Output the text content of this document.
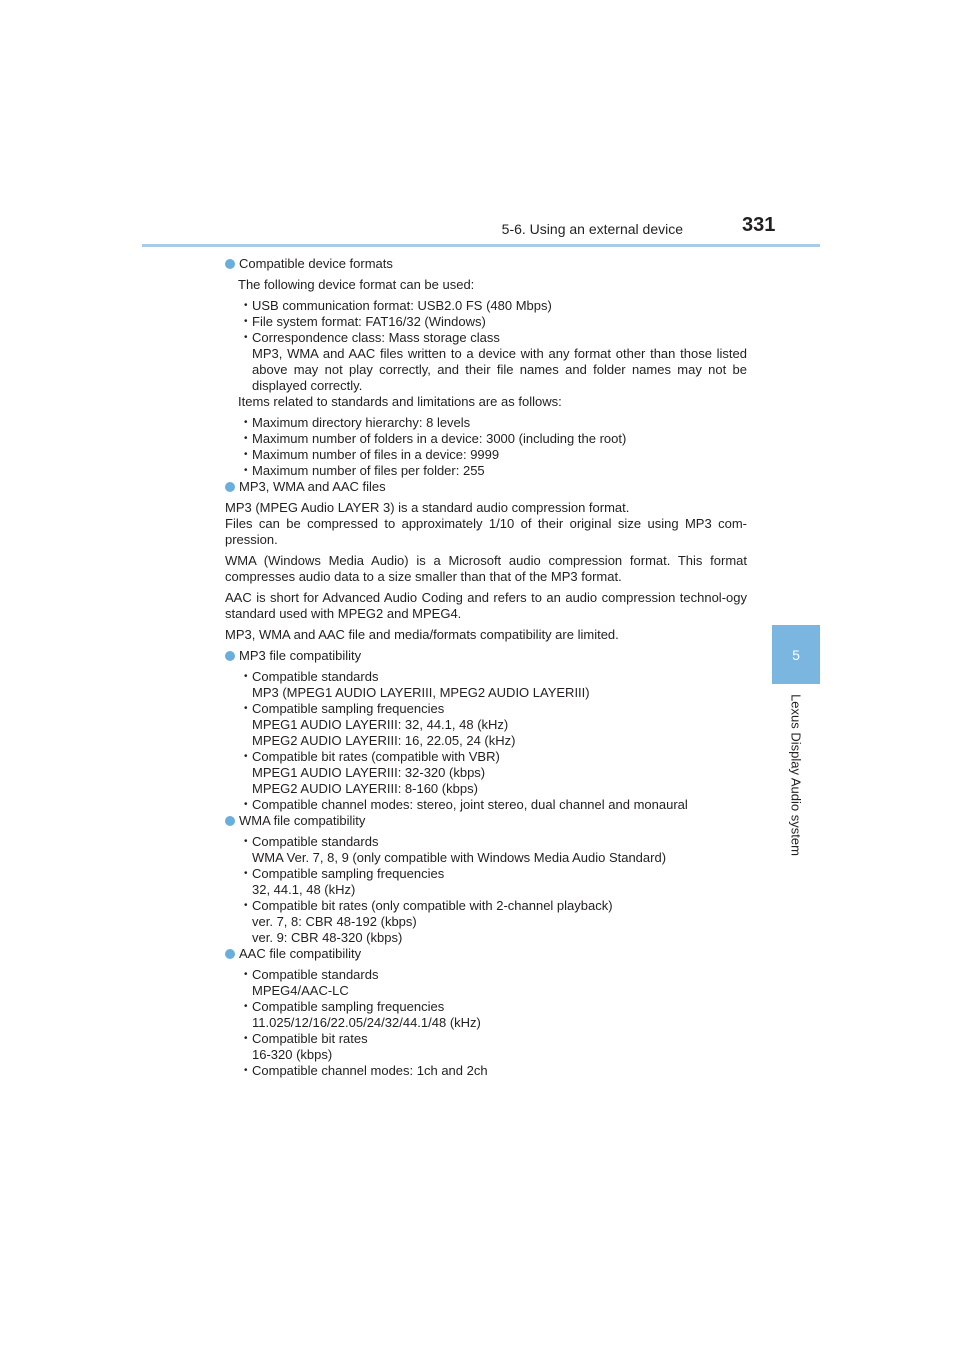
5-6. Using an external device	331
5
Lexus Display Audio system
Compatible device formats
The following device format can be used:
• USB communication format: USB2.0 FS (480 Mbps)
• File system format: FAT16/32 (Windows)
• Correspondence class: Mass storage class
MP3, WMA and AAC files written to a device with any format other than those listed above may not play correctly, and their file names and folder names may not be displayed correctly.
Items related to standards and limitations are as follows:
• Maximum directory hierarchy: 8 levels
• Maximum number of folders in a device: 3000 (including the root)
• Maximum number of files in a device: 9999
• Maximum number of files per folder: 255
MP3, WMA and AAC files
MP3 (MPEG Audio LAYER 3) is a standard audio compression format.
Files can be compressed to approximately 1/10 of their original size using MP3 com-pression.
WMA (Windows Media Audio) is a Microsoft audio compression format. This format compresses audio data to a size smaller than that of the MP3 format.
AAC is short for Advanced Audio Coding and refers to an audio compression technol-ogy standard used with MPEG2 and MPEG4.
MP3, WMA and AAC file and media/formats compatibility are limited.
MP3 file compatibility
• Compatible standards
MP3 (MPEG1 AUDIO LAYERIII, MPEG2 AUDIO LAYERIII)
• Compatible sampling frequencies
MPEG1 AUDIO LAYERIII: 32, 44.1, 48 (kHz)
MPEG2 AUDIO LAYERIII: 16, 22.05, 24 (kHz)
• Compatible bit rates (compatible with VBR)
MPEG1 AUDIO LAYERIII: 32-320 (kbps)
MPEG2 AUDIO LAYERIII: 8-160 (kbps)
• Compatible channel modes: stereo, joint stereo, dual channel and monaural
WMA file compatibility
• Compatible standards
WMA Ver. 7, 8, 9 (only compatible with Windows Media Audio Standard)
• Compatible sampling frequencies
32, 44.1, 48 (kHz)
• Compatible bit rates (only compatible with 2-channel playback)
ver. 7, 8: CBR 48-192 (kbps)
ver. 9: CBR 48-320 (kbps)
AAC file compatibility
• Compatible standards
MPEG4/AAC-LC
• Compatible sampling frequencies
11.025/12/16/22.05/24/32/44.1/48 (kHz)
• Compatible bit rates
16-320 (kbps)
• Compatible channel modes: 1ch and 2ch
